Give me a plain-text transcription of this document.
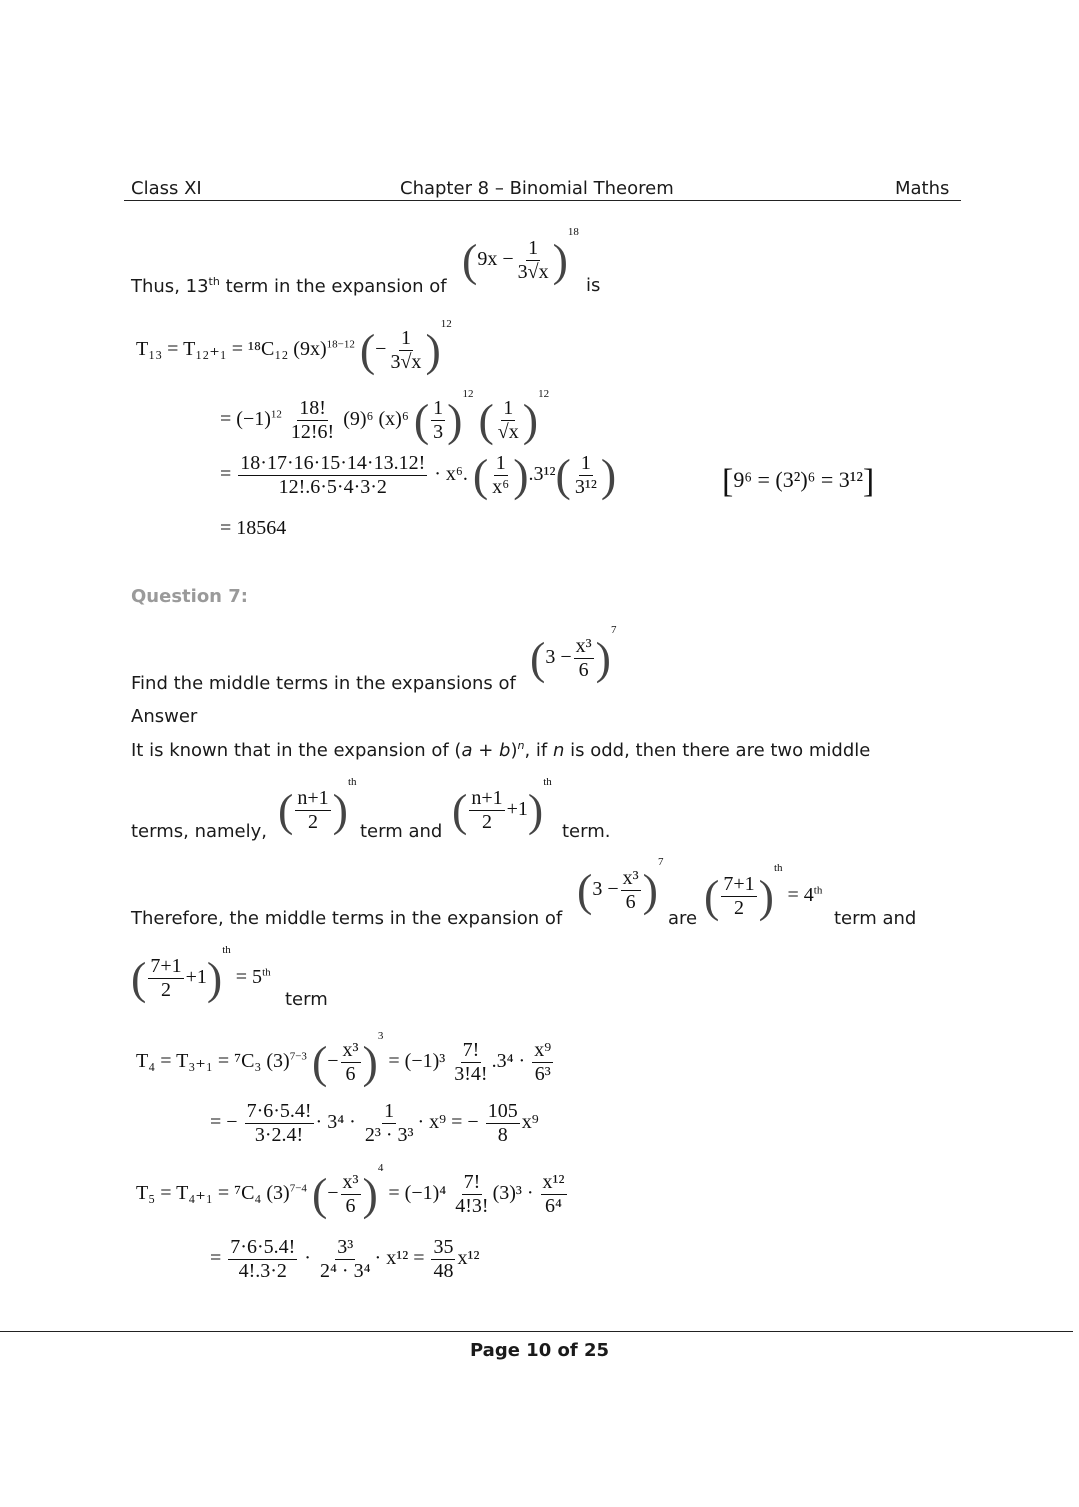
Class XI	Chapter 8 – Binomial Theorem	Maths
Thus, 13th term in the expansion of
$(9x - \frac{1}{3√x} )^{18}$
is
T₁₃ = T₁₂₊₁ = ¹⁸C₁₂ $(9x)^{18-12}$ (− $\frac{1}{3√x} )^{12}$
= $(-1)^{12} \frac{18!}{12!6!} (9)^6$ (x)⁶ ( $\frac{1}{3} )^{12}$ ( $\frac{1}{√x} )^{12}$
= $\frac{18\cdot 17\cdot 16\cdot 15\cdot 14\cdot 13.12!}{12!.6\cdot 5\cdot 4\cdot 3\cdot 2} \cdot x^6$. ( $\frac{1}{\text{x⁶}} ).3^{12}( \frac{1}{\text{3¹²}}$ )	[9⁶ = (3²)⁶ = 3¹²]
= 18564
Question 7:
Find the middle terms in the expansions of
$(3 - \frac{\text{x³}}{6} )^7$
Answer
It is known that in the expansion of $(a + b)^n$, if n is odd, then there are two middle
terms, namely, ( $\frac{n+1}{2} )^{th}$
term and ( $\frac{n+1}{2} +1)^{th}$
term.
Therefore, the middle terms in the expansion of
$(3 - \frac{\text{x³}}{6} )^7$
are ( $\frac{7+1}{2} )^{th} = 4th$
term and
( $\frac{7+1}{2} +1)^{th} = 5th$
term
T₄ = T₃₊₁ = ⁷C₃ $(3)^{7-3}$ (− $\frac{\text{x³}}{6} )^3 = (-1)^3 \frac{7!}{3!4!} .3^4 \cdot \frac{\text{x⁹}}{\text{6³}}$
= − $\frac{7\cdot 6\cdot 5.4!}{3\cdot 2.4!} \cdot 3^4 \cdot \frac{1}{\text{2³ · 3³}} \cdot x^9$ = − $\frac{105}{8} x^9$
T₅ = T₄₊₁ = ⁷C₄ $(3)^{7-4}$ (− $\frac{\text{x³}}{6} )^4 = (-1)^4 \frac{7!}{4!3!} (3)^3 \cdot \frac{\text{x¹²}}{\text{6⁴}}$
= $\frac{7\cdot 6\cdot 5.4!}{4!.3\cdot 2} \cdot \frac{\text{3³}}{\text{2⁴ · 3⁴}} \cdot x^{12} = \frac{35}{48} x^{12}$
Page 10 of 25
